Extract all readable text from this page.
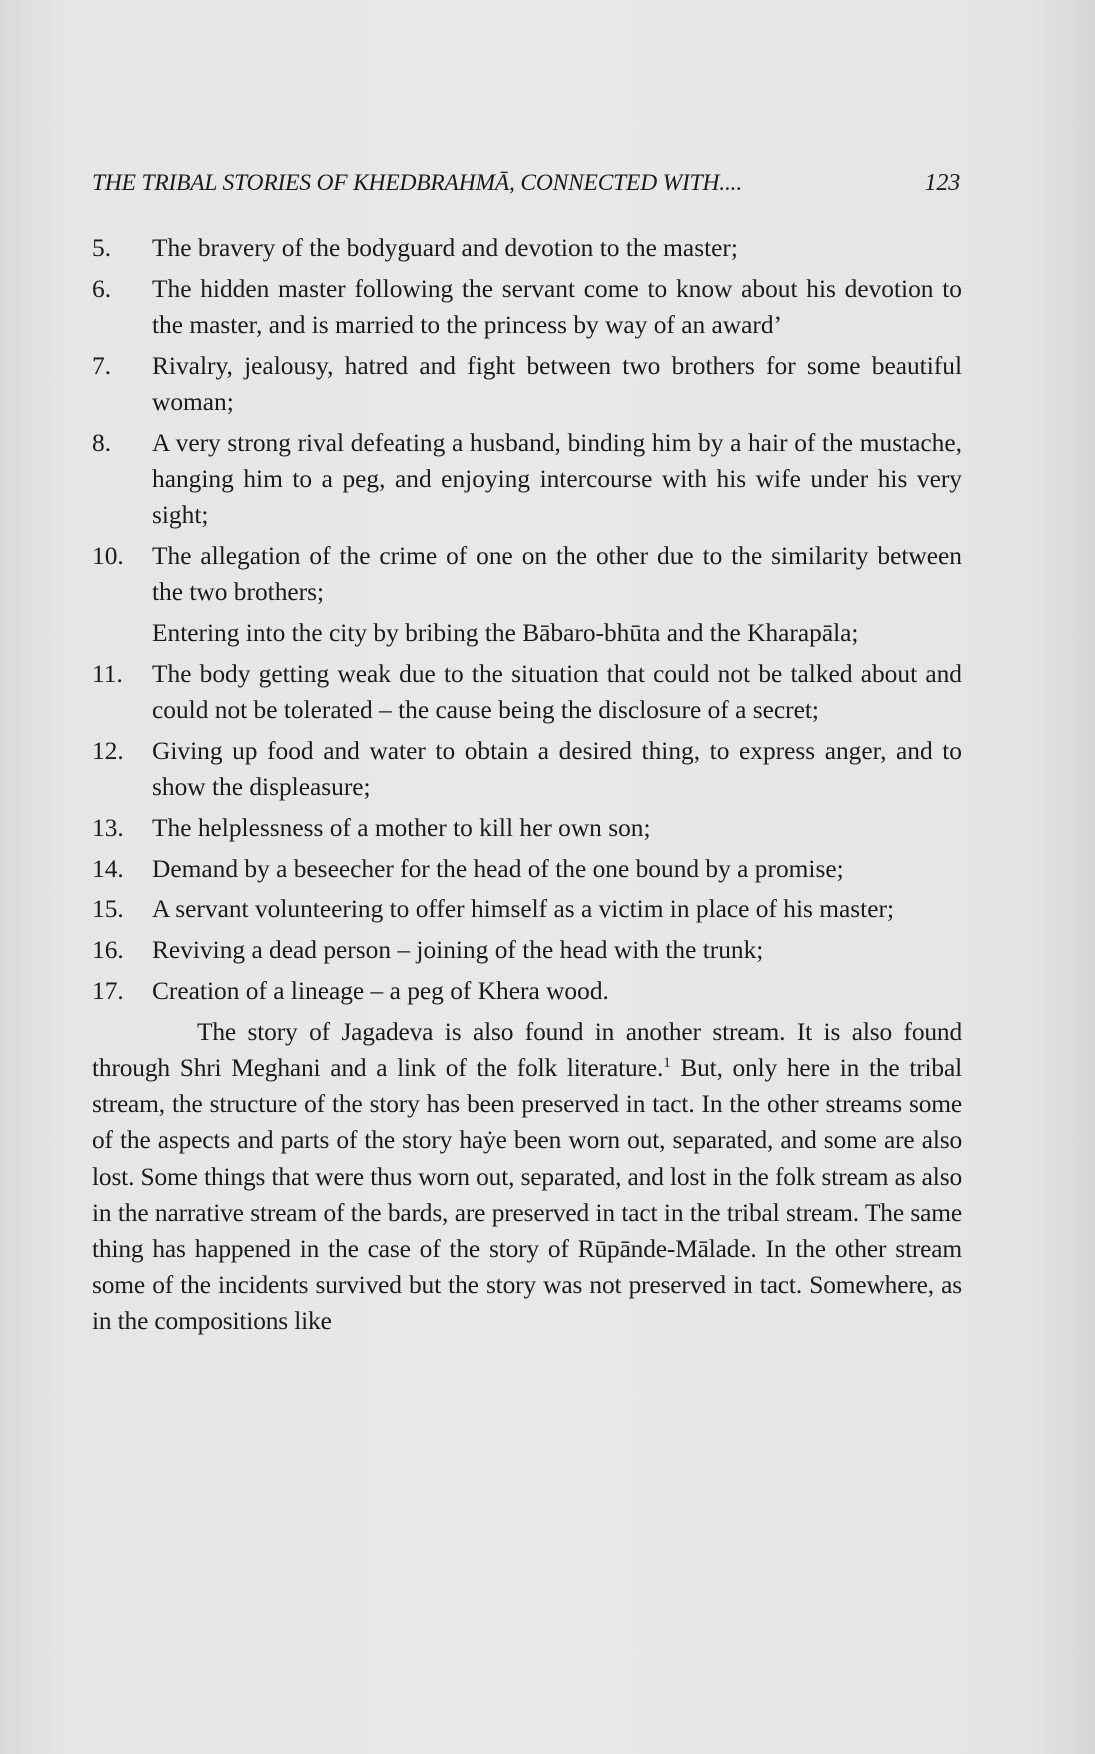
THE TRIBAL STORIES OF KHEDBRAHMĀ, CONNECTED WITH....	123
5.	The bravery of the bodyguard and devotion to the master;
6.	The hidden master following the servant come to know about his devotion to the master, and is married to the princess by way of an award’
7.	Rivalry, jealousy, hatred and fight between two brothers for some beautiful woman;
8.	A very strong rival defeating a husband, binding him by a hair of the mustache, hanging him to a peg, and enjoying intercourse with his wife under his very sight;
10.	The allegation of the crime of one on the other due to the similarity between the two brothers;
Entering into the city by bribing the Bābaro-bhūta and the Kharapāla;
11.	The body getting weak due to the situation that could not be talked about and could not be tolerated – the cause being the disclosure of a secret;
12.	Giving up food and water to obtain a desired thing, to express anger, and to show the displeasure;
13.	The helplessness of a mother to kill her own son;
14.	Demand by a beseecher for the head of the one bound by a promise;
15.	A servant volunteering to offer himself as a victim in place of his master;
16.	Reviving a dead person – joining of the head with the trunk;
17.	Creation of a lineage – a peg of Khera wood.

The story of Jagadeva is also found in another stream. It is also found through Shri Meghani and a link of the folk literature.$^1$ But, only here in the tribal stream, the structure of the story has been preserved in tact. In the other streams some of the aspects and parts of the story haẏe been worn out, separated, and some are also lost. Some things that were thus worn out, separated, and lost in the folk stream as also in the narrative stream of the bards, are preserved in tact in the tribal stream. The same thing has happened in the case of the story of Rūpānde-Mālade. In the other stream some of the incidents survived but the story was not preserved in tact. Somewhere, as in the compositions like
